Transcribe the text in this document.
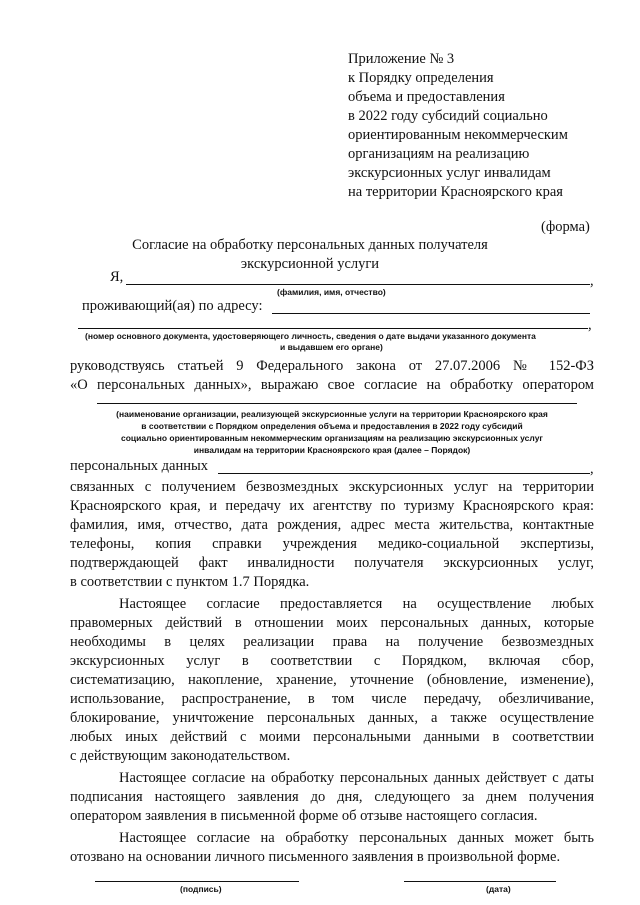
Приложение № 3
к Порядку определения
объема и предоставления
в 2022 году субсидий социально
ориентированным некоммерческим
организациям на реализацию
экскурсионных услуг инвалидам
на территории Красноярского края
(форма)
Согласие на обработку персональных данных получателя
экскурсионной услуги
Я,	,
(фамилия, имя, отчество)
проживающий(ая) по адресу:
,
(номер основного документа, удостоверяющего личность, сведения о дате выдачи указанного документа
и выдавшем его органе)
руководствуясь статьей 9 Федерального закона от 27.07.2006 № 152-ФЗ
«О персональных данных», выражаю свое согласие на обработку оператором
(наименование организации, реализующей экскурсионные услуги на территории Красноярского края
в соответствии с Порядком определения объема и предоставления в 2022 году субсидий
социально ориентированным некоммерческим организациям на реализацию экскурсионных услуг
инвалидам на территории Красноярского края (далее – Порядок)
персональных данных	,
связанных с получением безвозмездных экскурсионных услуг на территории
Красноярского края, и передачу их агентству по туризму Красноярского края:
фамилия, имя, отчество, дата рождения, адрес места жительства, контактные
телефоны, копия справки учреждения медико-социальной экспертизы,
подтверждающей факт инвалидности получателя экскурсионных услуг,
в соответствии с пунктом 1.7 Порядка.
Настоящее согласие предоставляется на осуществление любых
правомерных действий в отношении моих персональных данных, которые
необходимы в целях реализации права на получение безвозмездных
экскурсионных услуг в соответствии с Порядком, включая сбор,
систематизацию, накопление, хранение, уточнение (обновление, изменение),
использование, распространение, в том числе передачу, обезличивание,
блокирование, уничтожение персональных данных, а также осуществление
любых иных действий с моими персональными данными в соответствии
с действующим законодательством.
Настоящее согласие на обработку персональных данных действует с даты
подписания настоящего заявления до дня, следующего за днем получения
оператором заявления в письменной форме об отзыве настоящего согласия.
Настоящее согласие на обработку персональных данных может быть
отозвано на основании личного письменного заявления в произвольной форме.
(подпись)	(дата)
